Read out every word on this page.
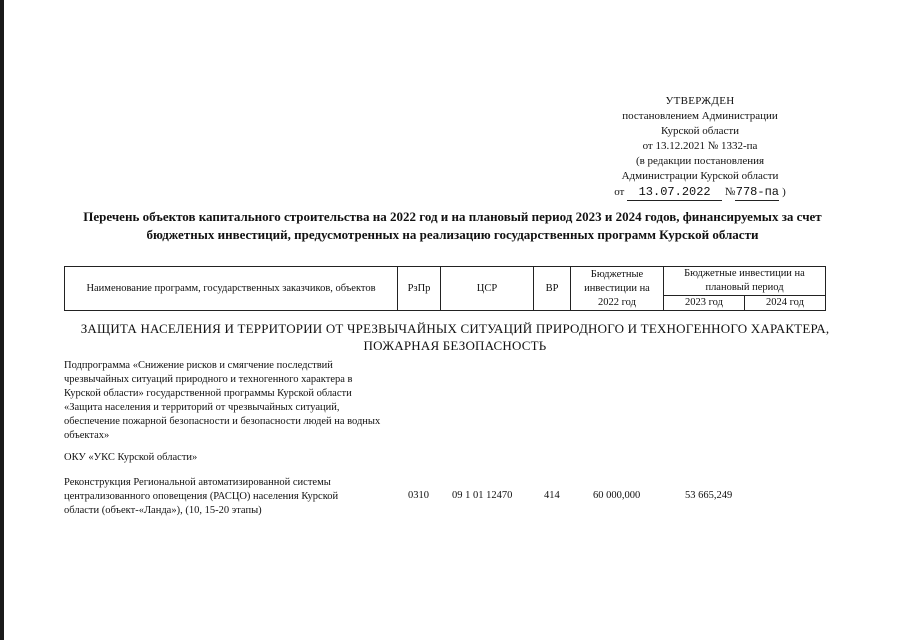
УТВЕРЖДЕН
постановлением Администрации
Курской области
от 13.12.2021 № 1332-па
(в редакции постановления
Администрации Курской области
от 13.07.2022 №778-па )
Перечень объектов капитального строительства на 2022 год и на плановый период 2023 и 2024 годов, финансируемых за счет бюджетных инвестиций, предусмотренных на реализацию государственных программ Курской области
Наименование программ, государственных заказчиков, объектов	РзПр	ЦСР	ВР	Бюджетные инвестиции на 2022 год	Бюджетные инвестиции на плановый период	
					2023 год	2024 год
ЗАЩИТА НАСЕЛЕНИЯ И ТЕРРИТОРИИ ОТ ЧРЕЗВЫЧАЙНЫХ СИТУАЦИЙ ПРИРОДНОГО И ТЕХНОГЕННОГО ХАРАКТЕРА, ПОЖАРНАЯ БЕЗОПАСНОСТЬ
Подпрограмма «Снижение рисков и смягчение последствий чрезвычайных ситуаций природного и техногенного характера в Курской области» государственной программы Курской области «Защита населения и территорий от чрезвычайных ситуаций, обеспечение пожарной безопасности и безопасности людей на водных объектах»
ОКУ «УКС Курской области»
Реконструкция Региональной автоматизированной системы централизованного оповещения (РАСЦО) населения Курской области (объект-«Ланда»), (10, 15-20 этапы)
0310 09 1 01 12470	414	60 000,000	53 665,249
